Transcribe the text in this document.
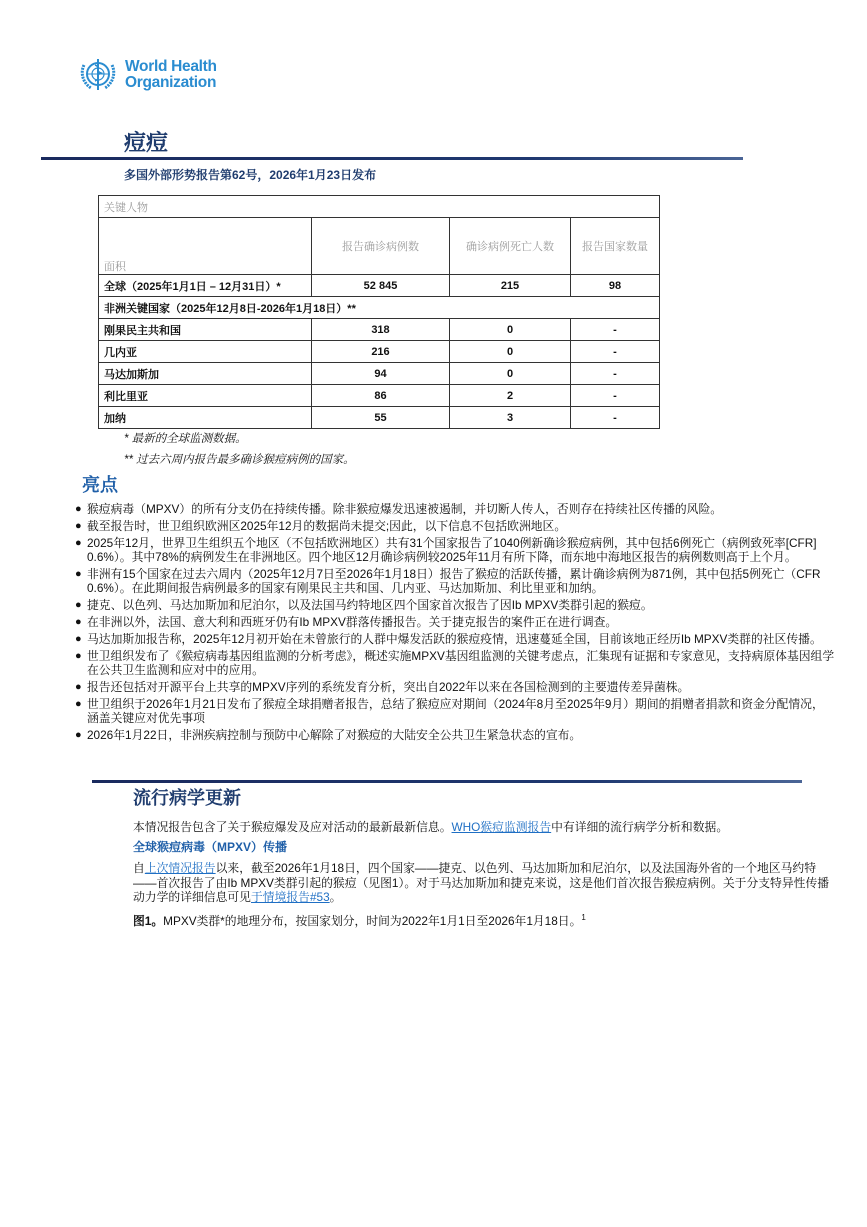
World Health
Organization
痘痘
多国外部形势报告第62号，2026年1月23日发布
关键人物			
面积	报告确诊病例数	确诊病例死亡人数	报告国家数量
全球（2025年1月1日 – 12月31日）*	52 845	215	98
非洲关键国家（2025年12月8日-2026年1月18日）**			
刚果民主共和国	318	0	-
几内亚	216	0	-
马达加斯加	94	0	-
利比里亚	86	2	-
加纳	55	3	-
* 最新的全球监测数据。
** 过去六周内报告最多确诊猴痘病例的国家。
亮点
● 猴痘病毒（MPXV）的所有分支仍在持续传播。除非猴痘爆发迅速被遏制，并切断人传人，否则存在持续社区传播的风险。
● 截至报告时，世卫组织欧洲区2025年12月的数据尚未提交;因此，以下信息不包括欧洲地区。
● 2025年12月，世界卫生组织五个地区（不包括欧洲地区）共有31个国家报告了1040例新确诊猴痘病例，其中包括6例死亡（病例致死率[CFR] 0.6%）。其中78%的病例发生在非洲地区。四个地区12月确诊病例较2025年11月有所下降，而东地中海地区报告的病例数则高于上个月。
● 非洲有15个国家在过去六周内（2025年12月7日至2026年1月18日）报告了猴痘的活跃传播，累计确诊病例为871例，其中包括5例死亡（CFR 0.6%）。在此期间报告病例最多的国家有刚果民主共和国、几内亚、马达加斯加、利比里亚和加纳。
● 捷克、以色列、马达加斯加和尼泊尔，以及法国马约特地区四个国家首次报告了因Ib MPXV类群引起的猴痘。
● 在非洲以外，法国、意大利和西班牙仍有Ib MPXV群落传播报告。关于捷克报告的案件正在进行调查。
● 马达加斯加报告称，2025年12月初开始在未曾旅行的人群中爆发活跃的猴痘疫情，迅速蔓延全国，目前该地正经历Ib MPXV类群的社区传播。
● 世卫组织发布了《猴痘病毒基因组监测的分析考虑》，概述实施MPXV基因组监测的关键考虑点，汇集现有证据和专家意见，支持病原体基因组学在公共卫生监测和应对中的应用。
● 报告还包括对开源平台上共享的MPXV序列的系统发育分析，突出自2022年以来在各国检测到的主要遗传差异菌株。
● 世卫组织于2026年1月21日发布了猴痘全球捐赠者报告，总结了猴痘应对期间（2024年8月至2025年9月）期间的捐赠者捐款和资金分配情况，涵盖关键应对优先事项
● 2026年1月22日，非洲疾病控制与预防中心解除了对猴痘的大陆安全公共卫生紧急状态的宣布。
流行病学更新
本情况报告包含了关于猴痘爆发及应对活动的最新最新信息。WHO猴痘监测报告中有详细的流行病学分析和数据。
全球猴痘病毒（MPXV）传播
自上次情况报告以来，截至2026年1月18日，四个国家——捷克、以色列、马达加斯加和尼泊尔，以及法国海外省的一个地区马约特——首次报告了由Ib MPXV类群引起的猴痘（见图1）。对于马达加斯加和捷克来说，这是他们首次报告猴痘病例。关于分支特异性传播动力学的详细信息可见于情境报告#53。
图1。MPXV类群*的地理分布，按国家划分，时间为2022年1月1日至2026年1月18日。$^1$
